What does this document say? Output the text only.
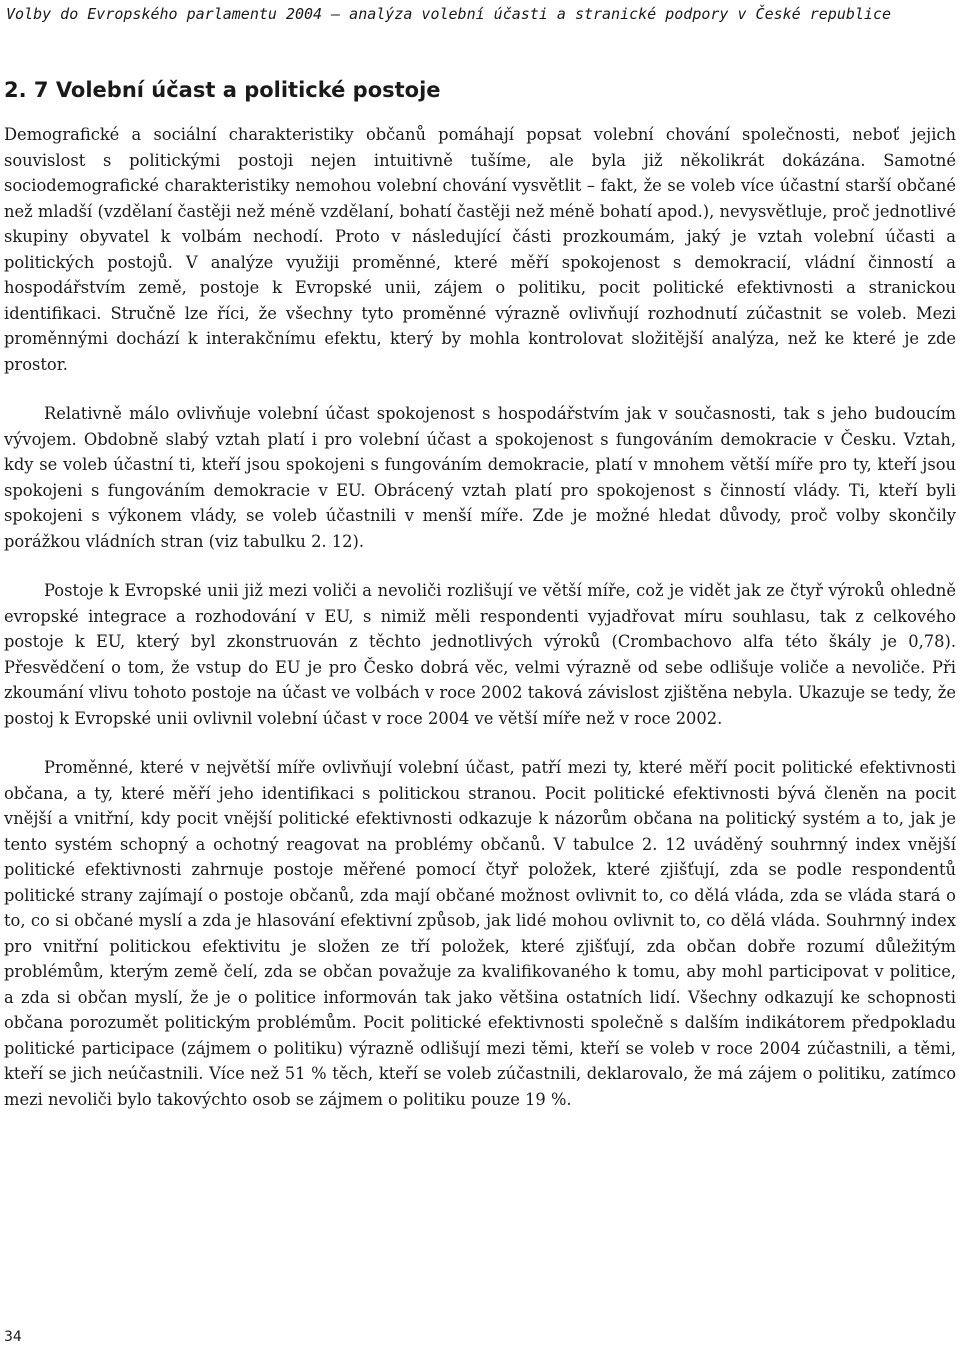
Volby do Evropského parlamentu 2004 – analýza volební účasti a stranické podpory v České republice
2. 7 Volební účast a politické postoje

Demografické a sociální charakteristiky občanů pomáhají popsat volební chování společnosti, neboť jejich souvislost s politickými postoji nejen intuitivně tušíme, ale byla již několikrát dokázána. Samotné sociodemografické charakteristiky nemohou volební chování vysvětlit – fakt, že se voleb více účastní starší občané než mladší (vzdělaní častěji než méně vzdělaní, bohatí častěji než méně bohatí apod.), nevysvětluje, proč jednotlivé skupiny obyvatel k volbám nechodí. Proto v následující části prozkoumám, jaký je vztah volební účasti a politických postojů. V analýze využiji proměnné, které měří spokojenost s demokracií, vládní činností a hospodářstvím země, postoje k Evropské unii, zájem o politiku, pocit politické efektivnosti a stranickou identifikaci. Stručně lze říci, že všechny tyto proměnné výrazně ovlivňují rozhodnutí zúčastnit se voleb. Mezi proměnnými dochází k interakčnímu efektu, který by mohla kontrolovat složitější analýza, než ke které je zde prostor.

Relativně málo ovlivňuje volební účast spokojenost s hospodářstvím jak v současnosti, tak s jeho budoucím vývojem. Obdobně slabý vztah platí i pro volební účast a spokojenost s fungováním demokracie v Česku. Vztah, kdy se voleb účastní ti, kteří jsou spokojeni s fungováním demokracie, platí v mnohem větší míře pro ty, kteří jsou spokojeni s fungováním demokracie v EU. Obrácený vztah platí pro spokojenost s činností vlády. Ti, kteří byli spokojeni s výkonem vlády, se voleb účastnili v menší míře. Zde je možné hledat důvody, proč volby skončily porážkou vládních stran (viz tabulku 2. 12).

Postoje k Evropské unii již mezi voliči a nevoliči rozlišují ve větší míře, což je vidět jak ze čtyř výroků ohledně evropské integrace a rozhodování v EU, s nimiž měli respondenti vyjadřovat míru souhlasu, tak z celkového postoje k EU, který byl zkonstruován z těchto jednotlivých výroků (Crombachovo alfa této škály je 0,78). Přesvědčení o tom, že vstup do EU je pro Česko dobrá věc, velmi výrazně od sebe odlišuje voliče a nevoliče. Při zkoumání vlivu tohoto postoje na účast ve volbách v roce 2002 taková závislost zjištěna nebyla. Ukazuje se tedy, že postoj k Evropské unii ovlivnil volební účast v roce 2004 ve větší míře než v roce 2002.

Proměnné, které v největší míře ovlivňují volební účast, patří mezi ty, které měří pocit politické efektivnosti občana, a ty, které měří jeho identifikaci s politickou stranou. Pocit politické efektivnosti bývá členěn na pocit vnější a vnitřní, kdy pocit vnější politické efektivnosti odkazuje k názorům občana na politický systém a to, jak je tento systém schopný a ochotný reagovat na problémy občanů. V tabulce 2. 12 uváděný souhrnný index vnější politické efektivnosti zahrnuje postoje měřené pomocí čtyř položek, které zjišťují, zda se podle respondentů politické strany zajímají o postoje občanů, zda mají občané možnost ovlivnit to, co dělá vláda, zda se vláda stará o to, co si občané myslí a zda je hlasování efektivní způsob, jak lidé mohou ovlivnit to, co dělá vláda. Souhrnný index pro vnitřní politickou efektivitu je složen ze tří položek, které zjišťují, zda občan dobře rozumí důležitým problémům, kterým země čelí, zda se občan považuje za kvalifikovaného k tomu, aby mohl participovat v politice, a zda si občan myslí, že je o politice informován tak jako většina ostatních lidí. Všechny odkazují ke schopnosti občana porozumět politickým problémům. Pocit politické efektivnosti společně s dalším indikátorem předpokladu politické participace (zájmem o politiku) výrazně odlišují mezi těmi, kteří se voleb v roce 2004 zúčastnili, a těmi, kteří se jich neúčastnili. Více než 51 % těch, kteří se voleb zúčastnili, deklarovalo, že má zájem o politiku, zatímco mezi nevoliči bylo takovýchto osob se zájmem o politiku pouze 19 %.

34
